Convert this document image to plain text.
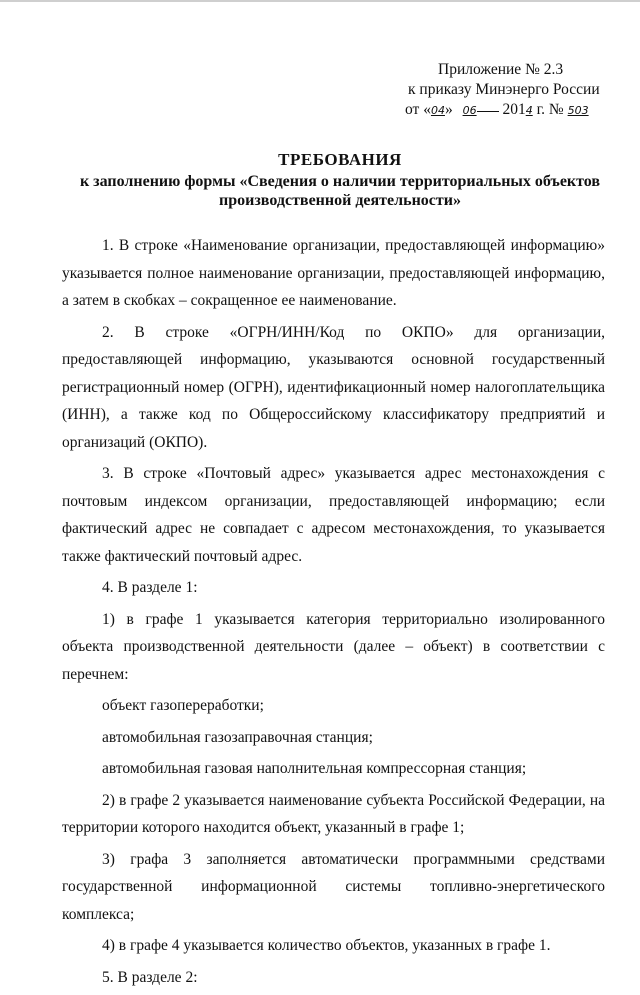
Приложение № 2.3
к приказу Минэнерго России
от «04» 06 2014 г. № 503
ТРЕБОВАНИЯ
к заполнению формы «Сведения о наличии территориальных объектов производственной деятельности»

1. В строке «Наименование организации, предоставляющей информацию» указывается полное наименование организации, предоставляющей информацию, а затем в скобках – сокращенное ее наименование.

2. В строке «ОГРН/ИНН/Код по ОКПО» для организации, предоставляющей информацию, указываются основной государственный регистрационный номер (ОГРН), идентификационный номер налогоплательщика (ИНН), а также код по Общероссийскому классификатору предприятий и организаций (ОКПО).

3. В строке «Почтовый адрес» указывается адрес местонахождения с почтовым индексом организации, предоставляющей информацию; если фактический адрес не совпадает с адресом местонахождения, то указывается также фактический почтовый адрес.

4. В разделе 1:

1) в графе 1 указывается категория территориально изолированного объекта производственной деятельности (далее – объект) в соответствии с перечнем:

объект газопереработки;

автомобильная газозаправочная станция;

автомобильная газовая наполнительная компрессорная станция;

2) в графе 2 указывается наименование субъекта Российской Федерации, на территории которого находится объект, указанный в графе 1;

3) графа 3 заполняется автоматически программными средствами государственной информационной системы топливно-энергетического комплекса;

4) в графе 4 указывается количество объектов, указанных в графе 1.

5. В разделе 2:
